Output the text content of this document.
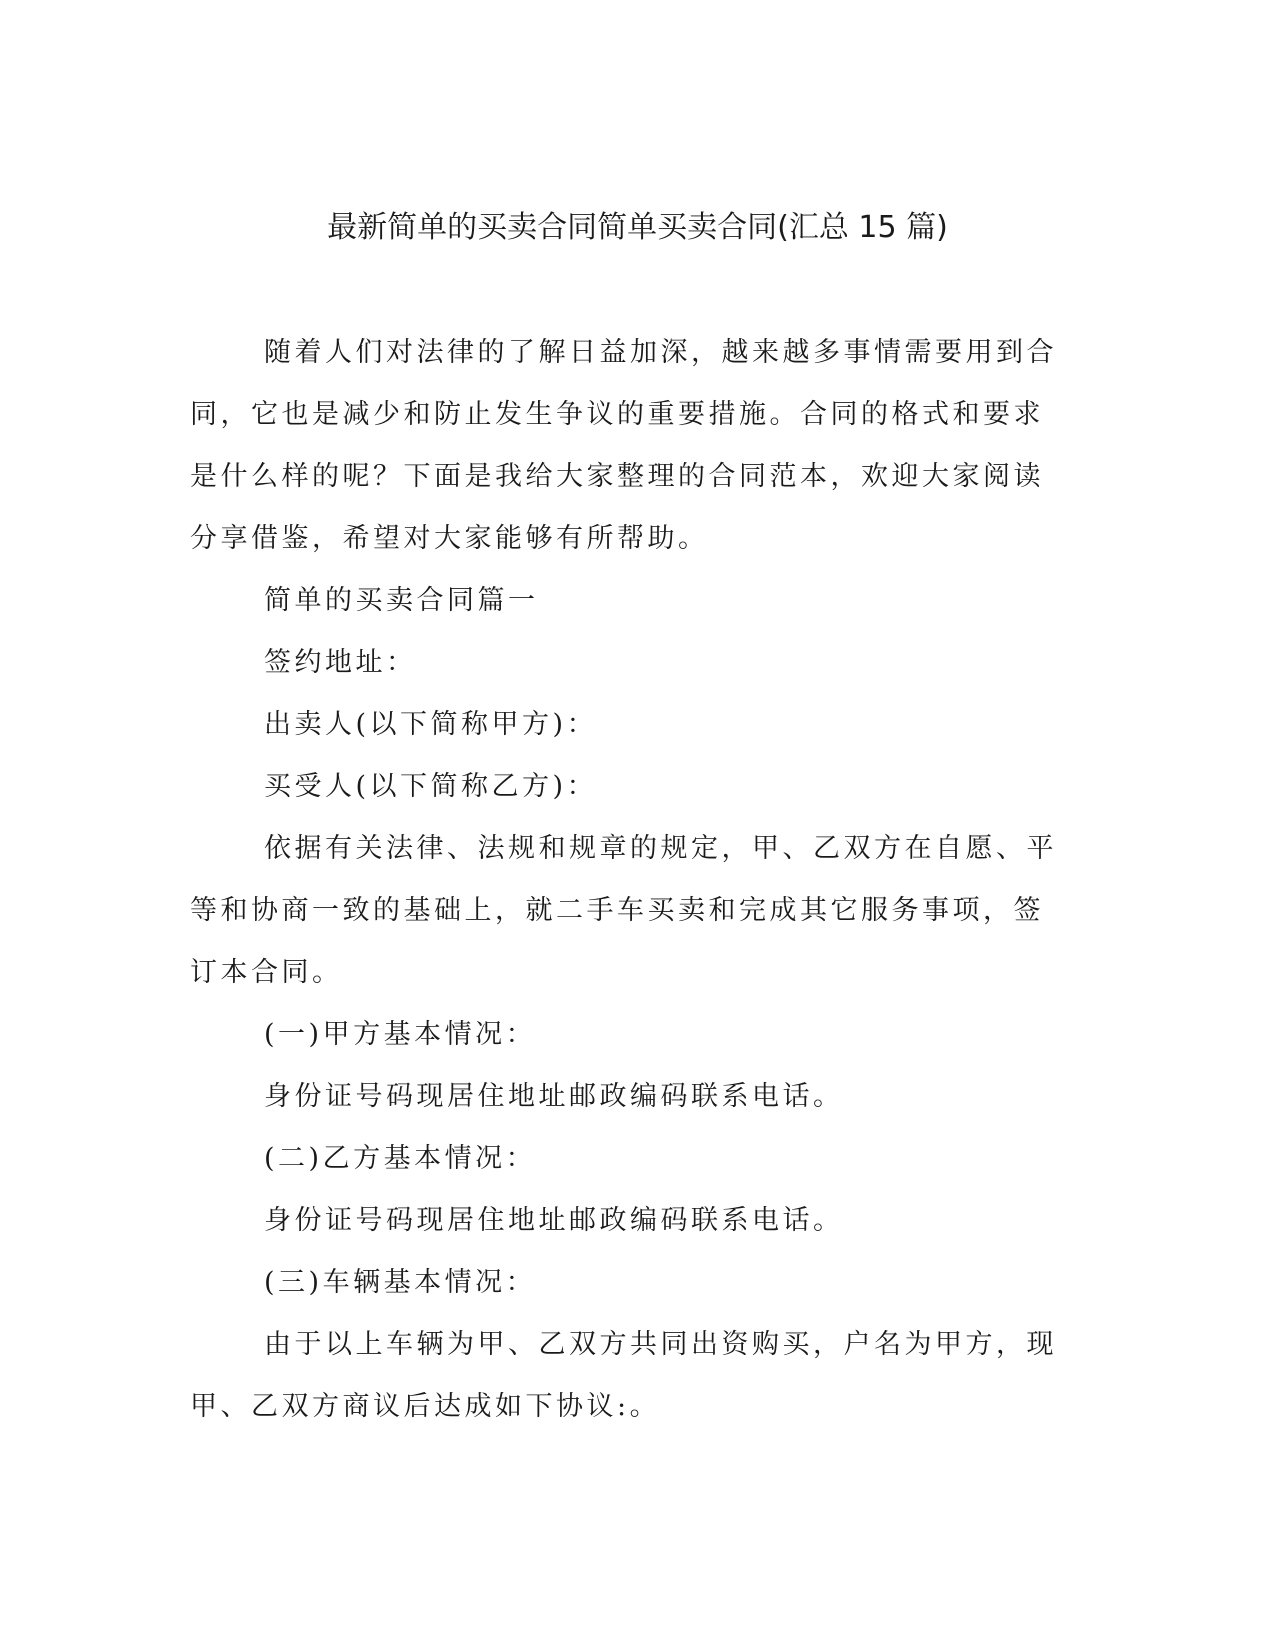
最新简单的买卖合同简单买卖合同(汇总 15 篇)

随着人们对法律的了解日益加深，越来越多事情需要用到合同，它也是减少和防止发生争议的重要措施。合同的格式和要求是什么样的呢？下面是我给大家整理的合同范本，欢迎大家阅读分享借鉴，希望对大家能够有所帮助。

简单的买卖合同篇一

签约地址：

出卖人(以下简称甲方)：

买受人(以下简称乙方)：

依据有关法律、法规和规章的规定，甲、乙双方在自愿、平等和协商一致的基础上，就二手车买卖和完成其它服务事项，签订本合同。

(一)甲方基本情况：

身份证号码现居住地址邮政编码联系电话。

(二)乙方基本情况：

身份证号码现居住地址邮政编码联系电话。

(三)车辆基本情况：

由于以上车辆为甲、乙双方共同出资购买，户名为甲方，现甲、乙双方商议后达成如下协议:。
